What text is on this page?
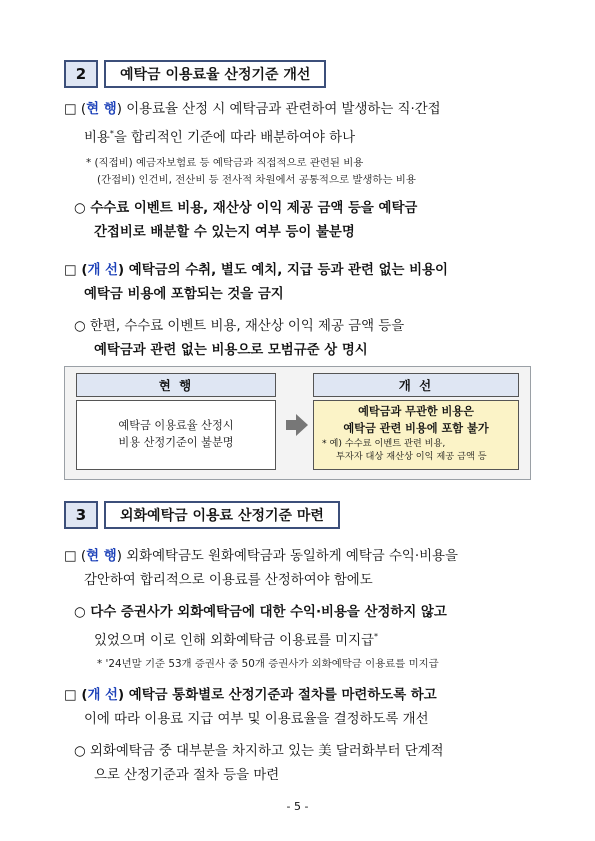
2	예탁금 이용료율 산정기준 개선
□ (현 행) 이용료율 산정 시 예탁금과 관련하여 발생하는 직·간접
비용*을 합리적인 기준에 따라 배분하여야 하나
* (직접비) 예금자보험료 등 예탁금과 직접적으로 관련된 비용
(간접비) 인건비, 전산비 등 전사적 차원에서 공통적으로 발생하는 비용
○ 수수료 이벤트 비용, 재산상 이익 제공 금액 등을 예탁금
간접비로 배분할 수 있는지 여부 등이 불분명
□ (개 선) 예탁금의 수취, 별도 예치, 지급 등과 관련 없는 비용이
예탁금 비용에 포함되는 것을 금지
○ 한편, 수수료 이벤트 비용, 재산상 이익 제공 금액 등을
예탁금과 관련 없는 비용으로 모범규준 상 명시
현 행	개 선
예탁금 이용료율 산정시
비용 산정기준이 불분명
예탁금과 무관한 비용은
예탁금 관련 비용에 포함 불가
* 예) 수수료 이벤트 관련 비용,
투자자 대상 재산상 이익 제공 금액 등
3	외화예탁금 이용료 산정기준 마련
□ (현 행) 외화예탁금도 원화예탁금과 동일하게 예탁금 수익·비용을
감안하여 합리적으로 이용료를 산정하여야 함에도
○ 다수 증권사가 외화예탁금에 대한 수익·비용을 산정하지 않고
있었으며 이로 인해 외화예탁금 이용료를 미지급*
* '24년말 기준 53개 증권사 중 50개 증권사가 외화예탁금 이용료를 미지급
□ (개 선) 예탁금 통화별로 산정기준과 절차를 마련하도록 하고
이에 따라 이용료 지급 여부 및 이용료율을 결정하도록 개선
○ 외화예탁금 중 대부분을 차지하고 있는 美 달러화부터 단계적
으로 산정기준과 절차 등을 마련
- 5 -
